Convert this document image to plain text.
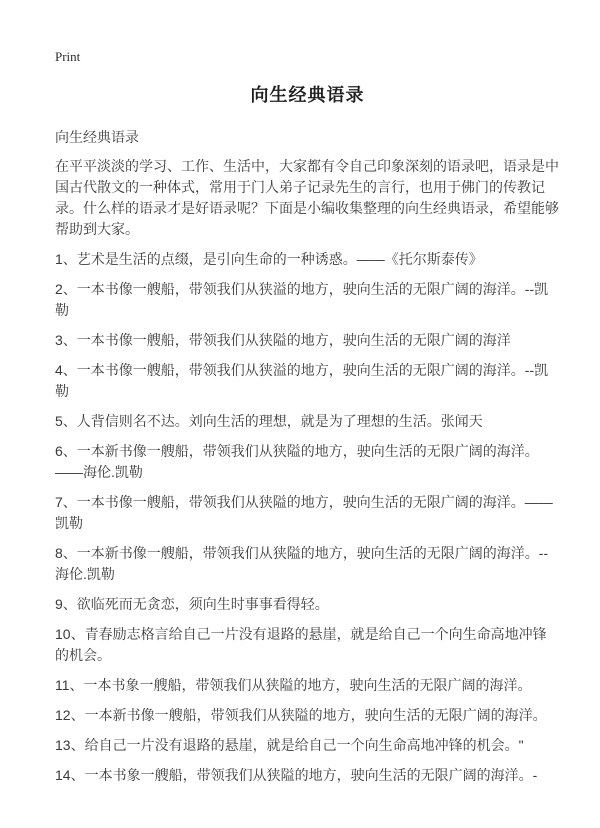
Print
向生经典语录

向生经典语录

在平平淡淡的学习、工作、生活中，大家都有令自己印象深刻的语录吧，语录是中国古代散文的一种体式，常用于门人弟子记录先生的言行，也用于佛门的传教记录。什么样的语录才是好语录呢？下面是小编收集整理的向生经典语录，希望能够帮助到大家。

1、艺术是生活的点缀，是引向生命的一种诱惑。——《托尔斯泰传》

2、一本书像一艘船，带领我们从狭溢的地方，驶向生活的无限广阔的海洋。--凯勒

3、一本书像一艘船，带领我们从狭隘的地方，驶向生活的无限广阔的海洋

4、一本书像一艘船，带领我们从狭溢的地方，驶向生活的无限广阔的海洋。--凯勒

5、人背信则名不达。刘向生活的理想，就是为了理想的生活。张闻天

6、一本新书像一艘船，带领我们从狭隘的地方，驶向生活的无限广阔的海洋。——海伦.凯勒

7、一本书像一艘船，带领我们从狭隘的地方，驶向生活的无限广阔的海洋。——凯勒

8、一本新书像一艘船，带领我们从狭隘的地方，驶向生活的无限广阔的海洋。--海伦.凯勒

9、欲临死而无贪恋，须向生时事事看得轻。

10、青春励志格言给自己一片没有退路的悬崖，就是给自己一个向生命高地冲锋的机会。

11、一本书象一艘船，带领我们从狭隘的地方，驶向生活的无限广阔的海洋。

12、一本新书像一艘船，带领我们从狭隘的地方，驶向生活的无限广阔的海洋。

13、给自己一片没有退路的悬崖，就是给自己一个向生命高地冲锋的机会。"

14、一本书象一艘船，带领我们从狭隘的地方，驶向生活的无限广阔的海洋。-
